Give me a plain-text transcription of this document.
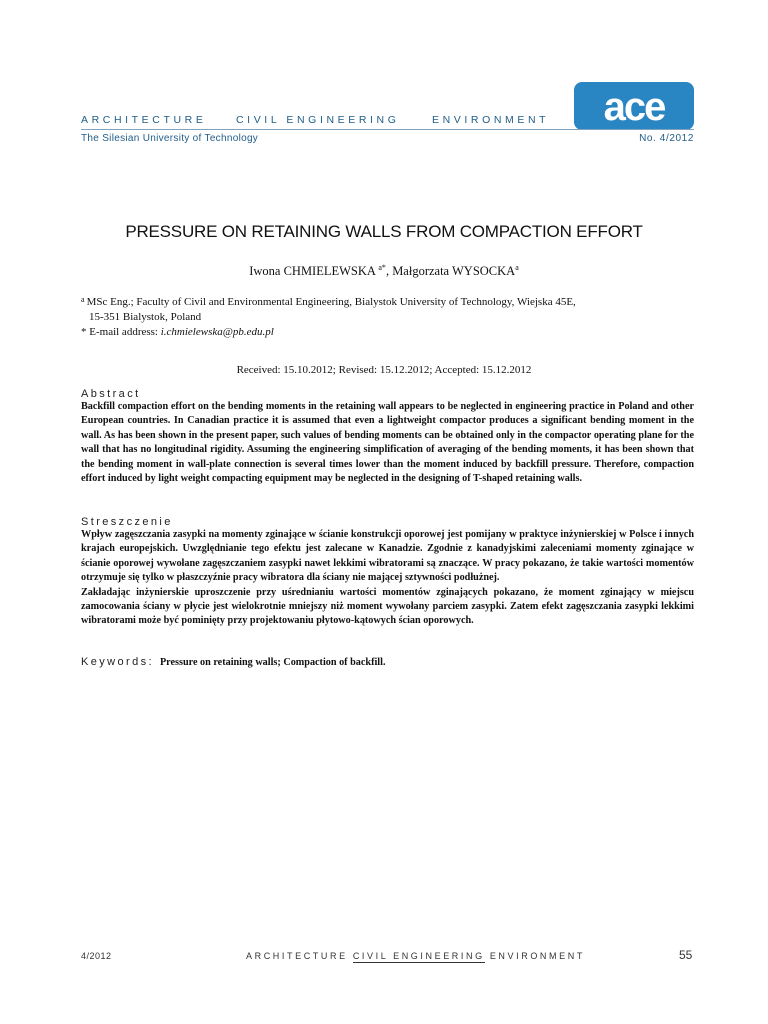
ARCHITECTURE	CIVIL ENGINEERING	ENVIRONMENT ace
The Silesian University of Technology	No. 4/2012
PRESSURE ON RETAINING WALLS FROM COMPACTION EFFORT
Iwona CHMIELEWSKA $^{a*}$, Małgorzata WYSOCKA$^a$
$^a$ MSc Eng.; Faculty of Civil and Environmental Engineering, Bialystok University of Technology, Wiejska 45E,
15-351 Bialystok, Poland
* E-mail address: i.chmielewska@pb.edu.pl
Received: 15.10.2012; Revised: 15.12.2012; Accepted: 15.12.2012
Abstract
Backfill compaction effort on the bending moments in the retaining wall appears to be neglected in engineering practice in Poland and other European countries. In Canadian practice it is assumed that even a lightweight compactor produces a significant bending moment in the wall. As has been shown in the present paper, such values of bending moments can be obtained only in the compactor operating plane for the wall that has no longitudinal rigidity. Assuming the engineering simplification of averaging of the bending moments, it has been shown that the bending moment in wall-plate connection is several times lower than the moment induced by backfill pressure. Therefore, compaction effort induced by light weight compacting equipment may be neglected in the designing of T-shaped retaining walls.
Streszczenie
Wpływ zagęszczania zasypki na momenty zginające w ścianie konstrukcji oporowej jest pomijany w praktyce inżynierskiej w Polsce i innych krajach europejskich. Uwzględnianie tego efektu jest zalecane w Kanadzie. Zgodnie z kanadyjskimi zaleceniami momenty zginające w ścianie oporowej wywołane zagęszczaniem zasypki nawet lekkimi wibratorami są znaczące. W pracy pokazano, że takie wartości momentów otrzymuje się tylko w płaszczyźnie pracy wibratora dla ściany nie mającej sztywności podłużnej.
Zakładając inżynierskie uproszczenie przy uśrednianiu wartości momentów zginających pokazano, że moment zginający w miejscu zamocowania ściany w płycie jest wielokrotnie mniejszy niż moment wywołany parciem zasypki. Zatem efekt zagęszczania zasypki lekkimi wibratorami może być pominięty przy projektowaniu płytowo-kątowych ścian oporowych.
Keywords: Pressure on retaining walls; Compaction of backfill.
4/2012	ARCHITECTURE CIVIL ENGINEERING ENVIRONMENT	55
